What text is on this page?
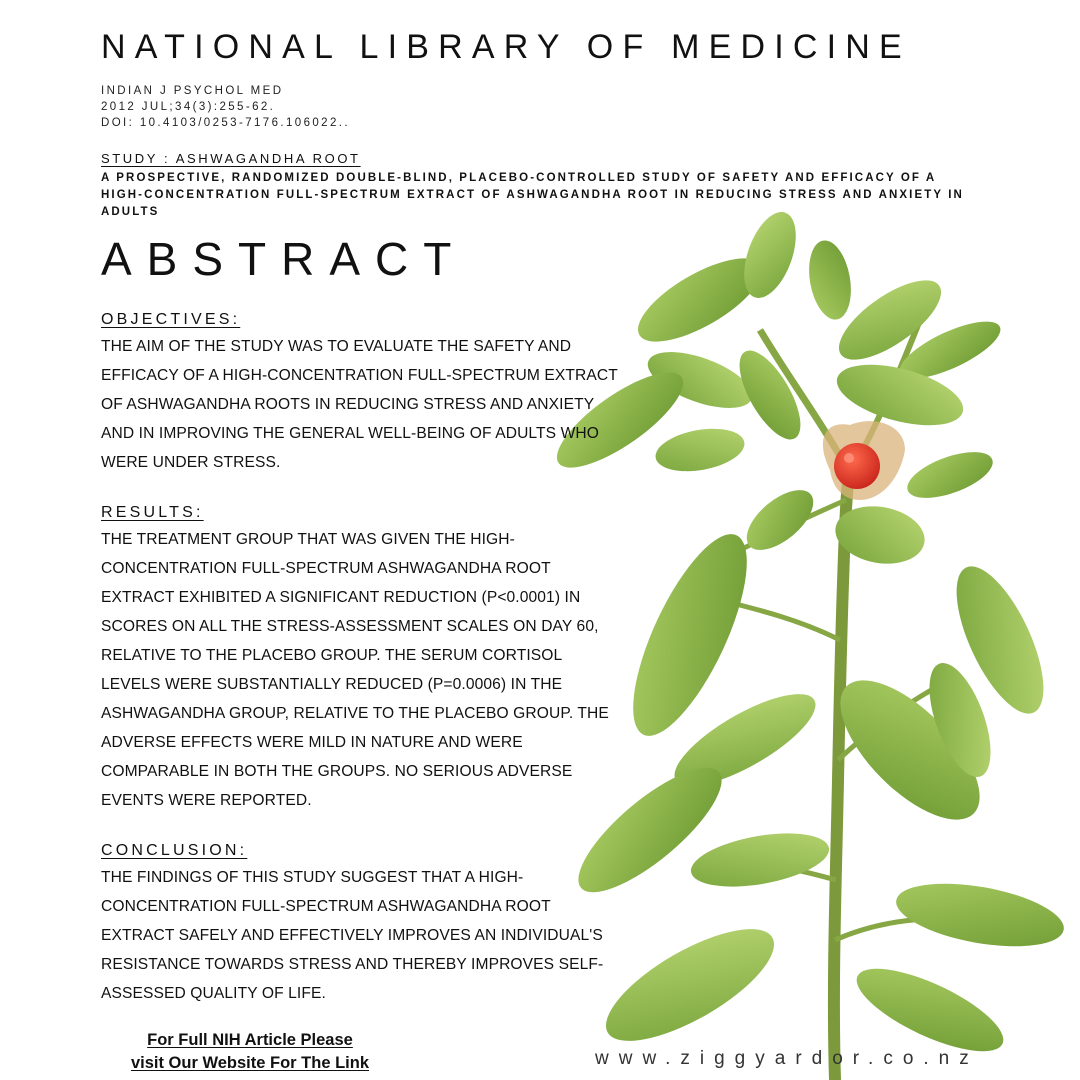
NATIONAL LIBRARY OF MEDICINE
INDIAN J PSYCHOL MED
2012 JUL;34(3):255-62.
DOI: 10.4103/0253-7176.106022..
STUDY : ASHWAGANDHA ROOT
A PROSPECTIVE, RANDOMIZED DOUBLE-BLIND, PLACEBO-CONTROLLED STUDY OF SAFETY AND EFFICACY OF A HIGH-CONCENTRATION FULL-SPECTRUM EXTRACT OF ASHWAGANDHA ROOT IN REDUCING STRESS AND ANXIETY IN ADULTS
ABSTRACT
OBJECTIVES:
THE AIM OF THE STUDY WAS TO EVALUATE THE SAFETY AND
EFFICACY OF A HIGH-CONCENTRATION FULL-SPECTRUM EXTRACT
OF ASHWAGANDHA ROOTS IN REDUCING STRESS AND ANXIETY
AND IN IMPROVING THE GENERAL WELL-BEING OF ADULTS WHO
WERE UNDER STRESS.
RESULTS:
THE TREATMENT GROUP THAT WAS GIVEN THE HIGH-
CONCENTRATION FULL-SPECTRUM ASHWAGANDHA ROOT
EXTRACT EXHIBITED A SIGNIFICANT REDUCTION (P<0.0001) IN
SCORES ON ALL THE STRESS-ASSESSMENT SCALES ON DAY 60,
RELATIVE TO THE PLACEBO GROUP. THE SERUM CORTISOL
LEVELS WERE SUBSTANTIALLY REDUCED (P=0.0006) IN THE
ASHWAGANDHA GROUP, RELATIVE TO THE PLACEBO GROUP. THE
ADVERSE EFFECTS WERE MILD IN NATURE AND WERE
COMPARABLE IN BOTH THE GROUPS. NO SERIOUS ADVERSE
EVENTS WERE REPORTED.
CONCLUSION:
THE FINDINGS OF THIS STUDY SUGGEST THAT A HIGH-
CONCENTRATION FULL-SPECTRUM ASHWAGANDHA ROOT
EXTRACT SAFELY AND EFFECTIVELY IMPROVES AN INDIVIDUAL'S
RESISTANCE TOWARDS STRESS AND THEREBY IMPROVES SELF-
ASSESSED QUALITY OF LIFE.
For Full NIH Article Please
visit Our Website For The Link	www.ziggyardor.co.nz
